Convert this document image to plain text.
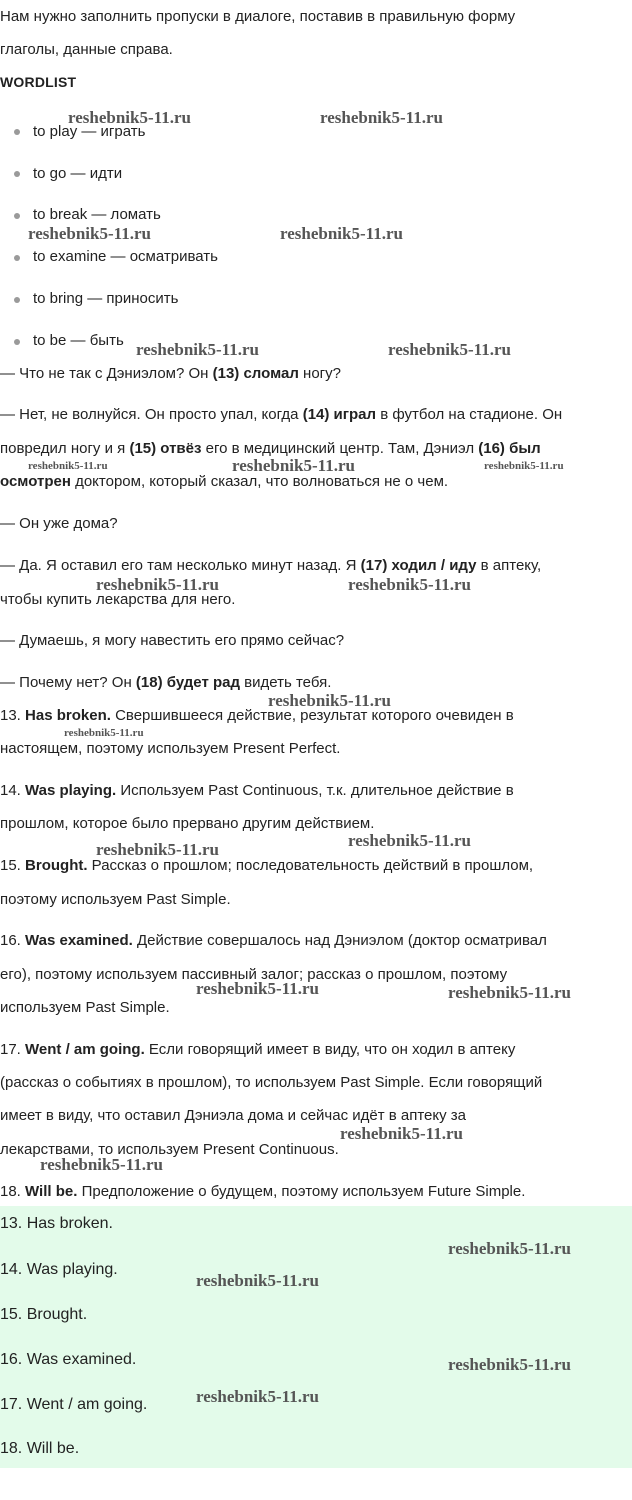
Нам нужно заполнить пропуски в диалоге, поставив в правильную форму

глаголы, данные справа.

WORDLIST

to play — играть
to go — идти
to break — ломать
to examine — осматривать
to bring — приносить
to be — быть

— Что не так с Дэниэлом? Он (13) сломал ногу?

— Нет, не волнуйся. Он просто упал, когда (14) играл в футбол на стадионе. Он

повредил ногу и я (15) отвёз его в медицинский центр. Там, Дэниэл (16) был

осмотрен доктором, который сказал, что волноваться не о чем.

— Он уже дома?

— Да. Я оставил его там несколько минут назад. Я (17) ходил / иду в аптеку,

чтобы купить лекарства для него.

— Думаешь, я могу навестить его прямо сейчас?

— Почему нет? Он (18) будет рад видеть тебя.

13. Has broken. Свершившееся действие, результат которого очевиден в

настоящем, поэтому используем Present Perfect.

14. Was playing. Используем Past Continuous, т.к. длительное действие в

прошлом, которое было прервано другим действием.

15. Brought. Рассказ о прошлом; последовательность действий в прошлом,

поэтому используем Past Simple.

16. Was examined. Действие совершалось над Дэниэлом (доктор осматривал

его), поэтому используем пассивный залог; рассказ о прошлом, поэтому

используем Past Simple.

17. Went / am going. Если говорящий имеет в виду, что он ходил в аптеку

(рассказ о событиях в прошлом), то используем Past Simple. Если говорящий

имеет в виду, что оставил Дэниэла дома и сейчас идёт в аптеку за

лекарствами, то используем Present Continuous.

18. Will be. Предположение о будущем, поэтому используем Future Simple.

13. Has broken.
14. Was playing.
15. Brought.
16. Was examined.
17. Went / am going.
18. Will be.
reshebnik5-11.ru	reshebnik5-11.ru
reshebnik5-11.ru	reshebnik5-11.ru
reshebnik5-11.ru	reshebnik5-11.ru
reshebnik5-11.ru	reshebnik5-11.ru	reshebnik5-11.ru
reshebnik5-11.ru	reshebnik5-11.ru
reshebnik5-11.ru
reshebnik5-11.ru
reshebnik5-11.ru	reshebnik5-11.ru
reshebnik5-11.ru	reshebnik5-11.ru
reshebnik5-11.ru
reshebnik5-11.ru
reshebnik5-11.ru
reshebnik5-11.ru
reshebnik5-11.ru
reshebnik5-11.ru
